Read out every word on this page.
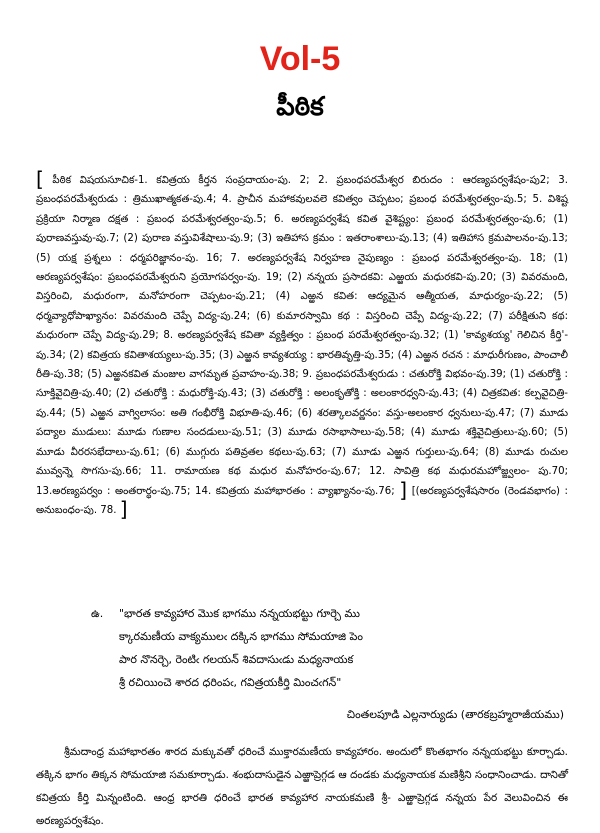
Vol-5
పీఠిక
[ పీఠిక విషయసూచిక-1. కవిత్రయ కీర్తన సంప్రదాయం-పు. 2; 2. ప్రబంధపరమేశ్వర బిరుదం : ఆరణ్యపర్వశేషం-పు2; 3. ప్రబంధపరమేశ్వరుడు : త్రిముఖాత్మకత-పు.4; 4. ప్రాచీన మహాకవులవలె కవిత్వం చెప్పటం; ప్రబంధ పరమేశ్వరత్వం-పు.5; 5. విశిష్ట ప్రక్రియా నిర్మాణ దక్షత : ప్రబంధ పరమేశ్వరత్వం-పు.5; 6. అరణ్యపర్వశేష కవిత వైశిష్ట్యం: ప్రబంధ పరమేశ్వరత్వం-పు.6; (1) పురాణవస్తువు-పు.7; (2) పురాణ వస్తువిశేషాలు-పు.9; (3) ఇతిహాస క్రమం : ఇతరాంశాలు-పు.13; (4) ఇతిహాస క్రమపాలనం-పు.13; (5) యక్ష ప్రశ్నలు : ధర్మపరిజ్ఞానం-పు. 16; 7. అరణ్యపర్వశేష నిర్వహణ నైపుణ్యం : ప్రబంధ పరమేశ్వరత్వం-పు. 18; (1) ఆరణ్యపర్వశేషం: ప్రబంధపరమేశ్వరుని ప్రయోగపర్వం-పు. 19; (2) నన్నయ ప్రసాదకవి: ఎఱ్ఱయ మధురకవి-పు.20; (3) వివరమంది, విస్తరించి, మధురంగా, మనోహరంగా చెప్పటం-పు.21; (4) ఎఱ్ఱన కవిత: ఆద్యమైన ఆత్మీయత, మాధుర్యం-పు.22; (5) ధర్మవ్యాధోపాఖ్యానం: వివరమంది చెప్పే విద్య-పు.24; (6) కుమారస్వామి కథ : విస్తరించి చెప్పే విద్య-పు.22; (7) పరీక్షితుని కథ: మధురంగా చెప్పే విద్య-పు.29; 8. అరణ్యపర్వశేష కవితా వ్యక్తిత్వం : ప్రబంధ పరమేశ్వరత్వం-పు.32; (1) 'కావ్యశయ్య' గెలిచిన కీర్తి'-పు.34; (2) కవిత్రయ కవితాశయ్యలు-పు.35; (3) ఎఱ్ఱన కావ్యశయ్య : భారతివృత్తి-పు.35; (4) ఎఱ్ఱన రచన : మాధురీగుణం, పాంచాలీ రీతి-పు.38; (5) ఎఱ్ఱనకవిత మంజుల వాగమృత ప్రవాహం-పు.38; 9. ప్రబంధపరమేశ్వరుడు : చతురోక్తి విభవం-పు.39; (1) చతురోక్తి : సూక్తివైచిత్రి-పు.40; (2) చతురోక్తి : మధురోక్తి-పు.43; (3) చతురోక్తి : అలంకృతోక్తి : అలంకారధ్వని-పు.43; (4) చిత్రకవిత: కల్పవైచిత్రి-పు.44; (5) ఎఱ్ఱన వాగ్విలాసం: అతి గంభీరోక్తి విభూతి-పు.46; (6) శరత్కాలవర్ణనం: వస్తు-అలంకార ధ్వనులు-పు.47; (7) మూడు పద్యాల ముడులు: మూడు గుణాల సందడులు-పు.51; (3) మూడు రసాభాసాలు-పు.58; (4) మూడు శక్తివైచిత్రులు-పు.60; (5) మూడు వీరరసభేదాలు-పు.61; (6) ముగ్గురు పతివ్రతల కథలు-పు.63; (7) మూడు ఎఱ్ఱన గుర్తులు-పు.64; (8) మూడు రుచుల మువ్వన్నె సొగసు-పు.66; 11. రామాయణ కథ మధుర మనోహరం-పు.67; 12. సావిత్రి కథ మధురమహోజ్జ్వలం- పు.70; 13.అరణ్యపర్వం : అంతరార్థం-పు.75; 14. కవిత్రయ మహాభారతం : వ్యాఖ్యానం-పు.76; ] [(అరణ్యపర్వశేషసారం (రెండవభాగం) : అనుబంధం-పు. 78. ]
ఉ. "భారత కావ్యహార మొక భాగము నన్నయభట్టు గూర్చె ము
క్కారమణీయ వాక్యములఁ దక్కిన భాగము సోమయాజి పెం
పార నొనర్చె, రెంటిఁ గలయన్ శివదాసుఁడు మధ్యనాయక
శ్రీ రచియించె శారద ధరింపఁ, గవిత్రయకీర్తి మించఁగన్"
చింతలపూడి ఎల్లనార్యుడు (తారకబ్రహ్మరాజీయము)
శ్రీమదాంధ్ర మహాభారతం శారద మక్కువతో ధరించే ముక్తారమణీయ కావ్యహారం. అందులో కొంతభాగం నన్నయభట్టు కూర్చాడు. తక్కిన భాగం తిక్కన సోమయాజి సమకూర్చాడు. శంభుదాసుడైన ఎఱ్ఱాప్రెగ్గడ ఆ దండకు మధ్యనాయక మణిశ్రీని సంధానించాడు. దానితో కవిత్రయ కీర్తి మిన్నంటింది. ఆంధ్ర భారతి ధరించే భారత కావ్యహార నాయకమణి శ్రీ- ఎఱ్ఱాప్రెగ్గడ నన్నయ పేర వెలువించిన ఈ అరణ్యపర్వశేషం.
